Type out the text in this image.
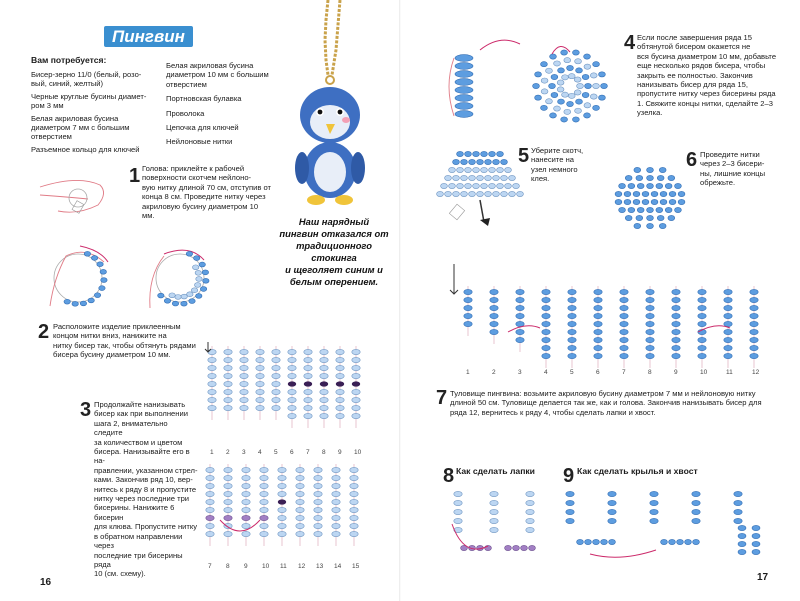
Пингвин
Вам потребуется:
Бисер-зерно 11/0 (белый, розо-
вый, синий, желтый)
Черные круглые бусины диамет-
ром 3 мм
Белая акриловая бусина
диаметром 7 мм с большим
отверстием
Разъемное кольцо для ключей
Белая акриловая бусина
диаметром 10 мм с большим
отверстием
Портновская булавка
Проволока
Цепочка для ключей
Нейлоновые нитки
Наш нарядный
пингвин отказался от
традиционного стокинга
и щеголяет синим и
белым оперением.
1 Голова: приклейте к рабочей
поверхности скотчем нейлоно-
вую нитку длиной 70 см, отступив от
конца 8 см. Проведите нитку через
акриловую бусину диаметром 10 мм.
2 Расположите изделие приклеенным
концом нитки вниз, нанижите на
нитку бисер так, чтобы обтянуть рядами
бисера бусину диаметром 10 мм.
1 2 3 4 5 6 7 8 9 10
7 8 9 10 11 12 13 14 15
3 Продолжайте нанизывать
бисер как при выполнении
шага 2, внимательно следите
за количеством и цветом
бисера. Нанизывайте его в на-
правлении, указанном стрел-
ками. Закончив ряд 10, вер-
нитесь к ряду 8 и пропустите
нитку через последние три
бисерины. Нанижите 6 бисерин
для клюва. Пропустите нитку
в обратном направлении через
последние три бисерины ряда
10 (см. схему).
16
4 Если после завершения ряда 15
обтянутой бисером окажется не
вся бусина диаметром 10 мм, добавьте
еще несколько рядов бисера, чтобы
закрыть ее полностью. Закончив
нанизывать бисер для ряда 15,
пропустите нитку через бисерины ряда
1. Свяжите концы нитки, сделайте 2–3
узелка.
5 Уберите скотч,
нанесите на
узел немного
клея.
6 Проведите нитки
через 2–3 бисери-
ны, лишние концы
обрежьте.
1	2	3	4	5	6	7	8	9	10	11	12
7 Туловище пингвина: возьмите акриловую бусину диаметром 7 мм и нейлоновую нитку
длиной 50 см. Туловище делается так же, как и голова. Закончив нанизывать бисер для
ряда 12, вернитесь к ряду 4, чтобы сделать лапки и хвост.
8 Как сделать лапки 9 Как сделать крылья и хвост
17
